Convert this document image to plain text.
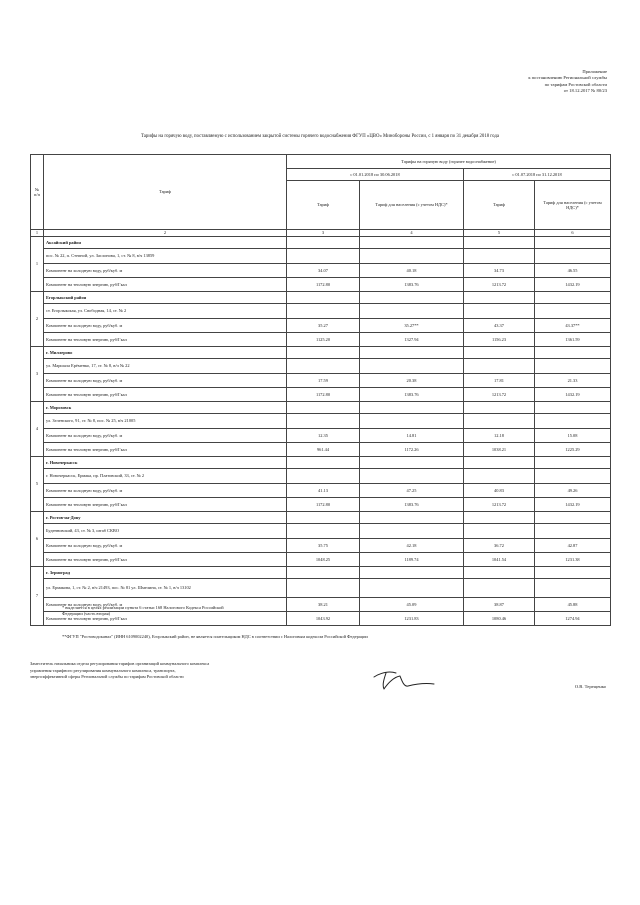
Приложение
к постановлению Региональной службы
по тарифам Ростовской области
от 18.12.2017 № 80/23
Тарифы на горячую воду, поставляемую с использованием закрытой системы горячего водоснабжения ФГУП «ЦВО» Минобороны России, с 1 января по 31 декабря 2018 года
№ п/п	Тариф	Тарифы на горячую воду (горячее водоснабжение)			
		с 01.01.2018 по 30.06.2018		с 01.07.2018 по 31.12.2018	
		Тариф	Тариф для населения (с учетом НДС)*	Тариф	Тариф для населения (с учетом НДС)*
1	2	3	4	5	6
1	Аксайский район				
	пос. № 22, п. Степной, ул. Заслонова, 1, ст. № 8, в/ч 13859				
	Компонент на холодную воду, руб/куб. м	34.07	40.18	34.73	46.55
	Компонент на тепловую энергию, руб/Гкал	1172.80	1383.76	1213.72	1432.19
2	Егорлыкский район				
	ст. Егорлыкская, ул. Свободная, 14, ст. № 2				
	Компонент на холодную воду, руб/куб. м	35.27	35.27**	43.37	43.37**
	Компонент на тепловую энергию, руб/Гкал	1125.20	1327.94	1156.23	1361.59
3	г. Миллерово				
	ул. Маршала Ерёменко, 17, ст. № 8, в/ч № 22				
	Компонент на холодную воду, руб/куб. м	17.59	20.38	17.81	21.33
	Компонент на тепловую энергию, руб/Гкал	1172.80	1383.76	1213.72	1432.19
4	г. Морозовск				
	ул. Зеленского, 91, ст. № 8, пос. № 25, в/ч 21005				
	Компонент на холодную воду, руб/куб. м	12.35	14.81	12.18	15.08
	Компонент на тепловую энергию, руб/Гкал	961.44	1172.26	1038.21	1225.29
5	г. Новочеркасск				
	г. Новочеркасск, Ермака, пр. Платовский, 33, ст. № 2				
	Компонент на холодную воду, руб/куб. м	41.13	47.25	40.83	49.26
	Компонент на тепловую энергию, руб/Гкал	1172.80	1383.76	1213.72	1432.19
6	г. Ростов-на-Дону				
	Буденновский, 43, ст. № 3, штаб СКВО				
	Компонент на холодную воду, руб/куб. м	35.75	42.18	36.72	42.87
	Компонент на тепловую энергию, руб/Гкал	1048.25	1189.74	1041.54	1231.38
7	г. Зерноград				
	ул. Ермакова, 1, ст. № 2, в/ч 21493, пос. № 81 ул. Шмелина, ст. № 1, в/ч 13102				
	Компонент на холодную воду, руб/куб. м	38.21	45.09	38.87	45.88
	Компонент на тепловую энергию, руб/Гкал	1043.92	1231.83	1080.46	1274.94
* выделяется в целях реализации пункта 6 статьи 168 Налогового Кодекса Российской
Федерации (часть вторая)
**ФГУП "Ростоводоканал" (ИНН 6109002240), Егорлыкский район, не является плательщиком НДС в соответствии с Налоговым кодексом Российской Федерации
Заместитель начальника отдела регулирования тарифов организаций коммунального комплекса
управления тарифного регулирования коммунального комплекса, транспорта,
энергоэффективной сферы Региональной службы по тарифам Ростовской области
О.В. Терещенко
